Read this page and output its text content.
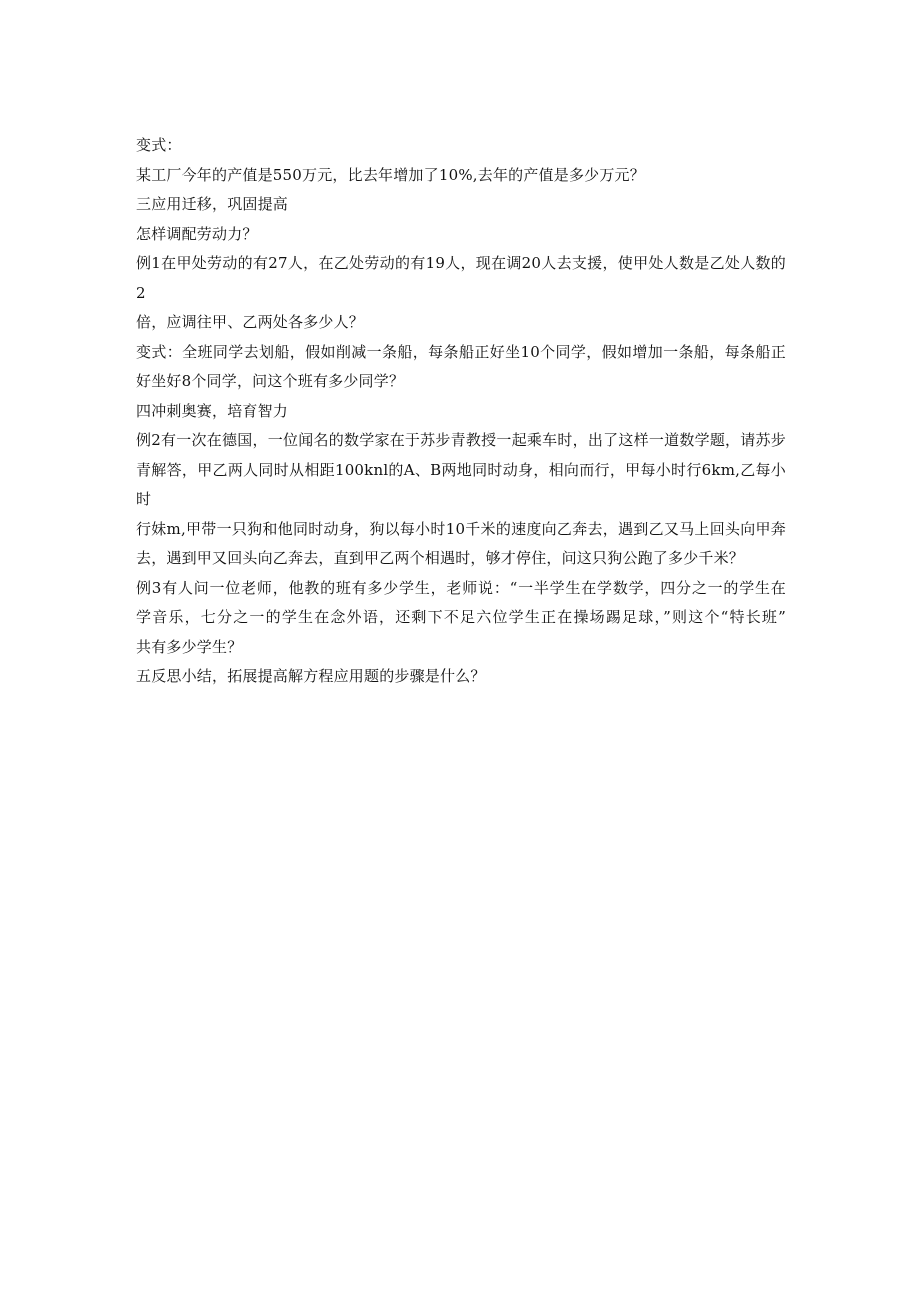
变式：
某工厂今年的产值是550万元，比去年增加了10%,去年的产值是多少万元？
三应用迁移，巩固提高
怎样调配劳动力？
例1在甲处劳动的有27人，在乙处劳动的有19人，现在调20人去支援，使甲处人数是乙处人数的2
倍，应调往甲、乙两处各多少人？
变式：全班同学去划船，假如削减一条船，每条船正好坐10个同学，假如增加一条船，每条船正
好坐好8个同学，问这个班有多少同学？
四冲刺奥赛，培育智力
例2有一次在德国，一位闻名的数学家在于苏步青教授一起乘车时，出了这样一道数学题，请苏步
青解答，甲乙两人同时从相距100knl的A、B两地同时动身，相向而行，甲每小时行6km,乙每小时
行妹m,甲带一只狗和他同时动身，狗以每小时10千米的速度向乙奔去，遇到乙又马上回头向甲奔
去，遇到甲又回头向乙奔去，直到甲乙两个相遇时，够才停住，问这只狗公跑了多少千米？
例3有人问一位老师，他教的班有多少学生，老师说：“一半学生在学数学，四分之一的学生在
学音乐，七分之一的学生在念外语，还剩下不足六位学生正在操场踢足球，”则这个“特长班”
共有多少学生？
五反思小结，拓展提高解方程应用题的步骤是什么？
